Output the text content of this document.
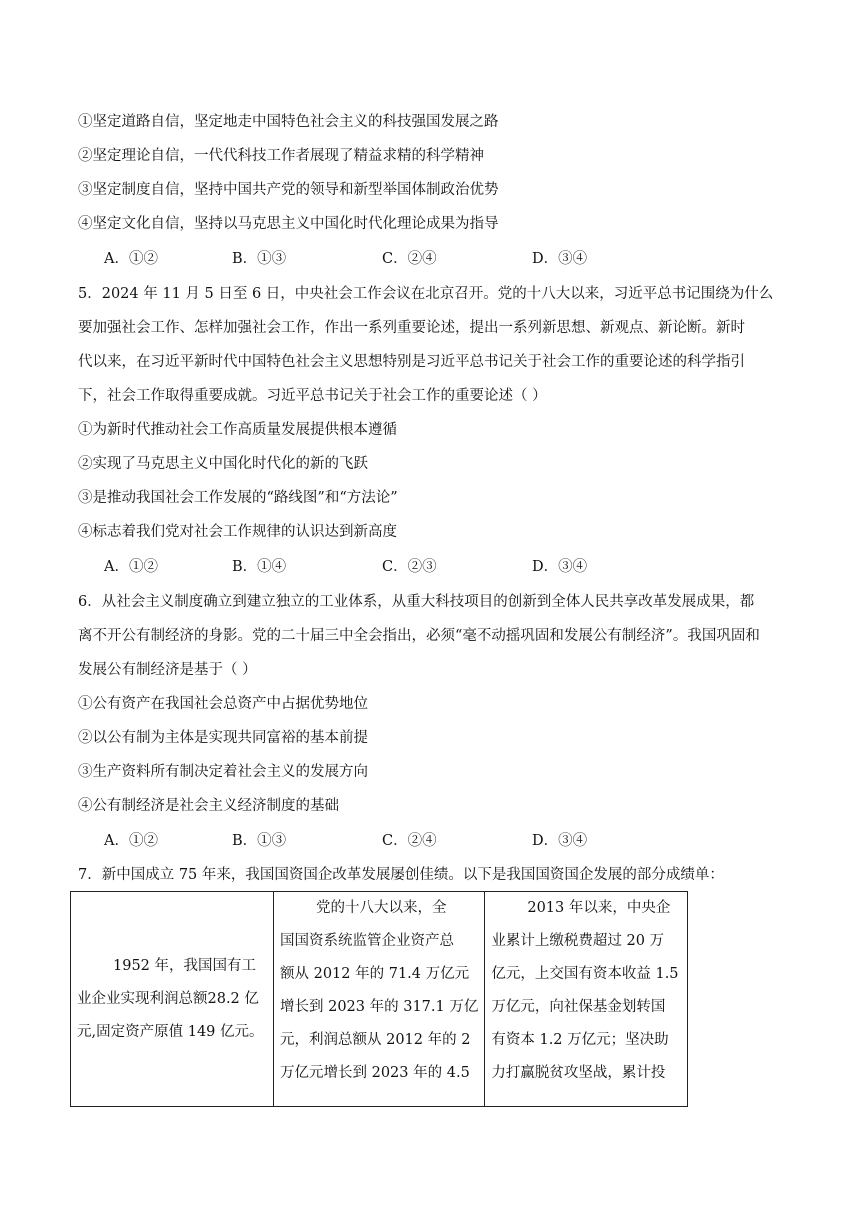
①坚定道路自信，坚定地走中国特色社会主义的科技强国发展之路
②坚定理论自信，一代代科技工作者展现了精益求精的科学精神
③坚定制度自信，坚持中国共产党的领导和新型举国体制政治优势
④坚定文化自信，坚持以马克思主义中国化时代化理论成果为指导
A．①②	B．①③	C．②④	D．③④
5．2024 年 11 月 5 日至 6 日，中央社会工作会议在北京召开。党的十八大以来，习近平总书记围绕为什么
要加强社会工作、怎样加强社会工作，作出一系列重要论述，提出一系列新思想、新观点、新论断。新时
代以来，在习近平新时代中国特色社会主义思想特别是习近平总书记关于社会工作的重要论述的科学指引
下，社会工作取得重要成就。习近平总书记关于社会工作的重要论述（ ）
①为新时代推动社会工作高质量发展提供根本遵循
②实现了马克思主义中国化时代化的新的飞跃
③是推动我国社会工作发展的“路线图”和“方法论”
④标志着我们党对社会工作规律的认识达到新高度
A．①②	B．①④	C．②③	D．③④
6．从社会主义制度确立到建立独立的工业体系，从重大科技项目的创新到全体人民共享改革发展成果，都
离不开公有制经济的身影。党的二十届三中全会指出，必须“毫不动摇巩固和发展公有制经济”。我国巩固和
发展公有制经济是基于（ ）
①公有资产在我国社会总资产中占据优势地位
②以公有制为主体是实现共同富裕的基本前提
③生产资料所有制决定着社会主义的发展方向
④公有制经济是社会主义经济制度的基础
A．①②	B．①③	C．②④	D．③④
7．新中国成立 75 年来，我国国资国企改革发展屡创佳绩。以下是我国国资国企发展的部分成绩单：
1952 年，我国国有工
业企业实现利润总额28.2 亿
元,固定资产原值 149 亿元。

党的十八大以来，全
国国资系统监管企业资产总
额从 2012 年的 71.4 万亿元
增长到 2023 年的 317.1 万亿
元，利润总额从 2012 年的 2
万亿元增长到 2023 年的 4.5

2013 年以来，中央企
业累计上缴税费超过 20 万
亿元，上交国有资本收益 1.5
万亿元，向社保基金划转国
有资本 1.2 万亿元；坚决助
力打赢脱贫攻坚战，累计投
